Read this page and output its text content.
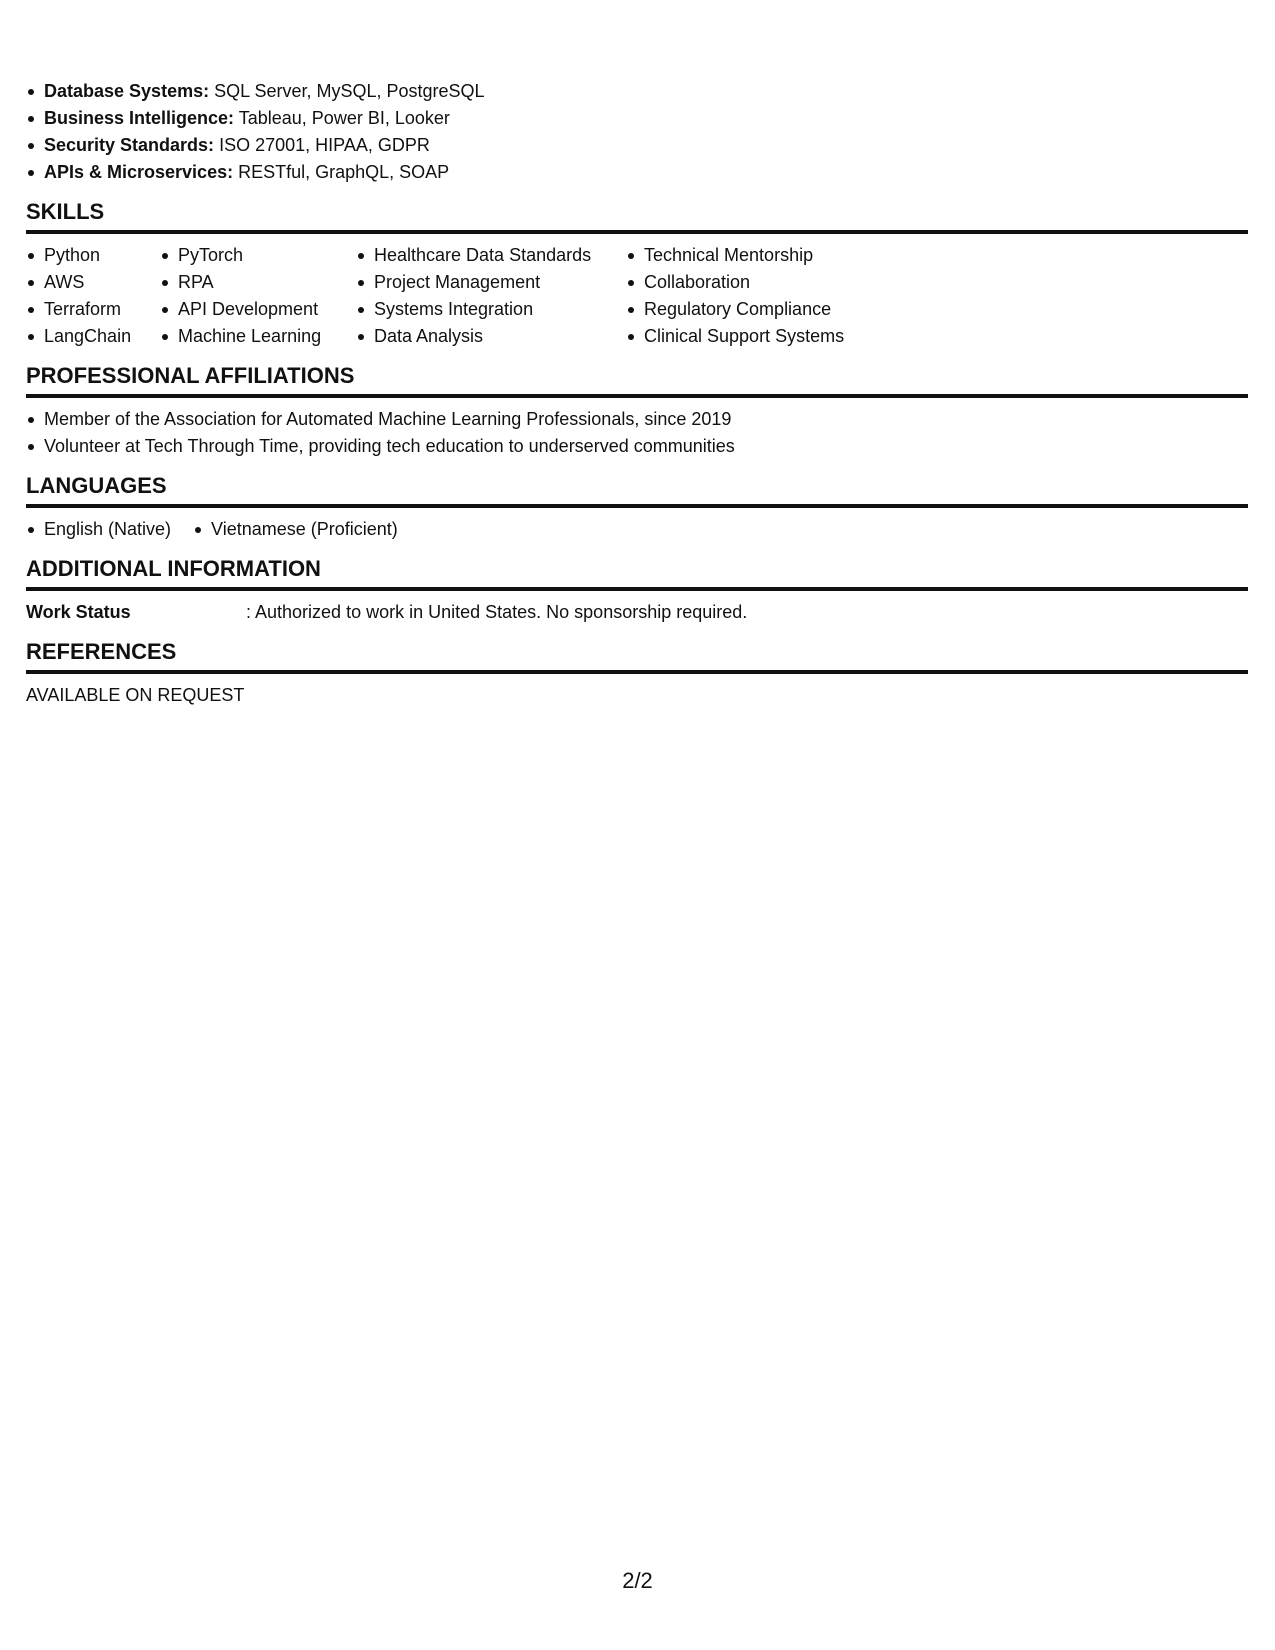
Database Systems: SQL Server, MySQL, PostgreSQL
Business Intelligence: Tableau, Power BI, Looker
Security Standards: ISO 27001, HIPAA, GDPR
APIs & Microservices: RESTful, GraphQL, SOAP
SKILLS
Python
AWS
Terraform
LangChain
PyTorch
RPA
API Development
Machine Learning
Healthcare Data Standards
Project Management
Systems Integration
Data Analysis
Technical Mentorship
Collaboration
Regulatory Compliance
Clinical Support Systems
PROFESSIONAL AFFILIATIONS
Member of the Association for Automated Machine Learning Professionals, since 2019
Volunteer at Tech Through Time, providing tech education to underserved communities
LANGUAGES
English (Native)	Vietnamese (Proficient)
ADDITIONAL INFORMATION
Work Status	: Authorized to work in United States. No sponsorship required.
REFERENCES
AVAILABLE ON REQUEST
2/2
